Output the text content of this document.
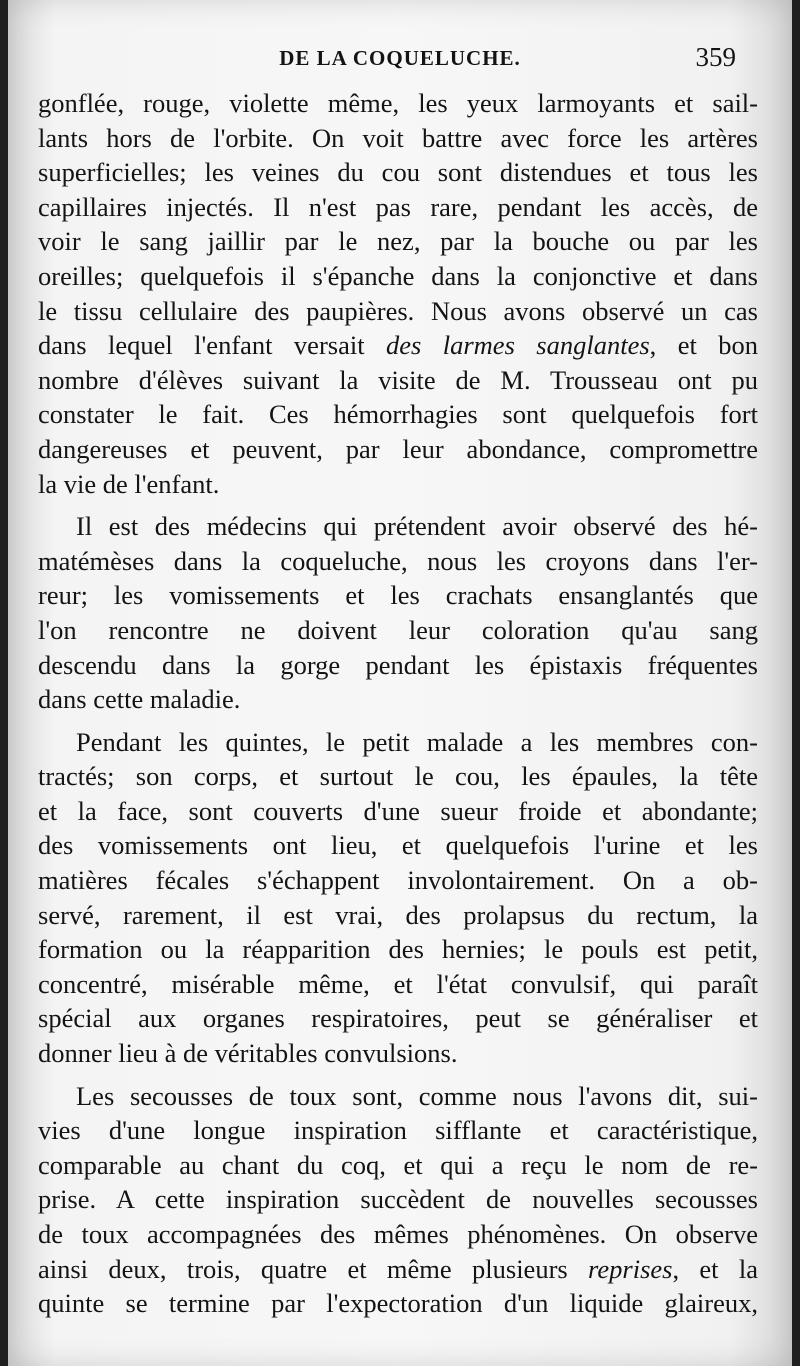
DE LA COQUELUCHE.	359
gonflée, rouge, violette même, les yeux larmoyants et sail-
lants hors de l'orbite. On voit battre avec force les artères
superficielles; les veines du cou sont distendues et tous les
capillaires injectés. Il n'est pas rare, pendant les accès, de
voir le sang jaillir par le nez, par la bouche ou par les
oreilles; quelquefois il s'épanche dans la conjonctive et dans
le tissu cellulaire des paupières. Nous avons observé un cas
dans lequel l'enfant versait des larmes sanglantes, et bon
nombre d'élèves suivant la visite de M. Trousseau ont pu
constater le fait. Ces hémorrhagies sont quelquefois fort
dangereuses et peuvent, par leur abondance, compromettre
la vie de l'enfant.
Il est des médecins qui prétendent avoir observé des hé-
matémèses dans la coqueluche, nous les croyons dans l'er-
reur; les vomissements et les crachats ensanglantés que
l'on rencontre ne doivent leur coloration qu'au sang
descendu dans la gorge pendant les épistaxis fréquentes
dans cette maladie.
Pendant les quintes, le petit malade a les membres con-
tractés; son corps, et surtout le cou, les épaules, la tête
et la face, sont couverts d'une sueur froide et abondante;
des vomissements ont lieu, et quelquefois l'urine et les
matières fécales s'échappent involontairement. On a ob-
servé, rarement, il est vrai, des prolapsus du rectum, la
formation ou la réapparition des hernies; le pouls est petit,
concentré, misérable même, et l'état convulsif, qui paraît
spécial aux organes respiratoires, peut se généraliser et
donner lieu à de véritables convulsions.
Les secousses de toux sont, comme nous l'avons dit, sui-
vies d'une longue inspiration sifflante et caractéristique,
comparable au chant du coq, et qui a reçu le nom de re-
prise. A cette inspiration succèdent de nouvelles secousses
de toux accompagnées des mêmes phénomènes. On observe
ainsi deux, trois, quatre et même plusieurs reprises, et la
quinte se termine par l'expectoration d'un liquide glaireux,
